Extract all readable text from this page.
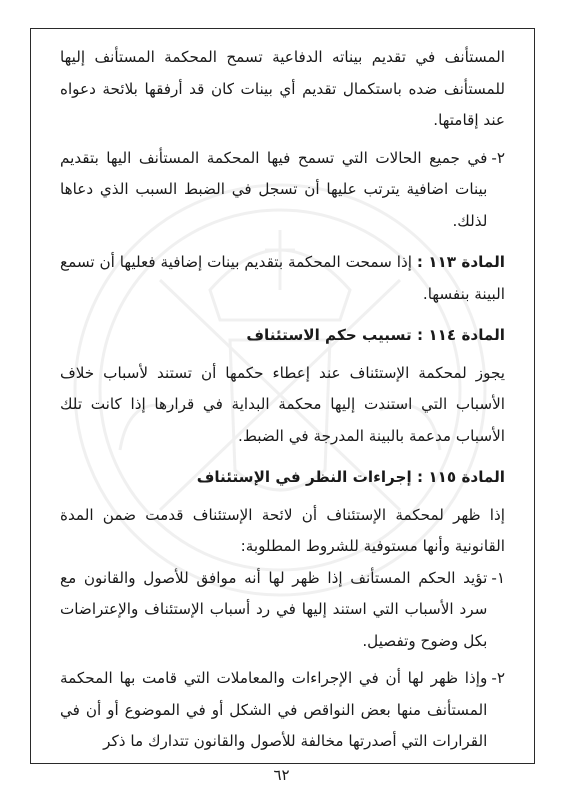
المستأنف في تقديم بيناته الدفاعية تسمح المحكمة المستأنف إليها للمستأنف ضده باستكمال تقديم أي بينات كان قد أرفقها بلائحة دعواه عند إقامتها.

٢-
في جميع الحالات التي تسمح فيها المحكمة المستأنف اليها بتقديم بينات اضافية يترتب عليها أن تسجل في الضبط السبب الذي دعاها لذلك.

المادة ١١٣ : إذا سمحت المحكمة بتقديم بينات إضافية فعليها أن تسمع البينة بنفسها.

المادة ١١٤ : تسبيب حكم الاستئناف

يجوز لمحكمة الإستئناف عند إعطاء حكمها أن تستند لأسباب خلاف الأسباب التي استندت إليها محكمة البداية في قرارها إذا كانت تلك الأسباب مدعمة بالبينة المدرجة في الضبط.

المادة ١١٥ : إجراءات النظر في الإستئناف

إذا ظهر لمحكمة الإستئناف أن لائحة الإستئناف قدمت ضمن المدة القانونية وأنها مستوفية للشروط المطلوبة:

١-
تؤيد الحكم المستأنف إذا ظهر لها أنه موافق للأصول والقانون مع سرد الأسباب التي استند إليها في رد أسباب الإستئناف والإعتراضات بكل وضوح وتفصيل.
٢-
وإذا ظهر لها أن في الإجراءات والمعاملات التي قامت بها المحكمة المستأنف منها بعض النواقص في الشكل أو في الموضوع أو أن في القرارات التي أصدرتها مخالفة للأصول والقانون تتدارك ما ذكر
٦٢
